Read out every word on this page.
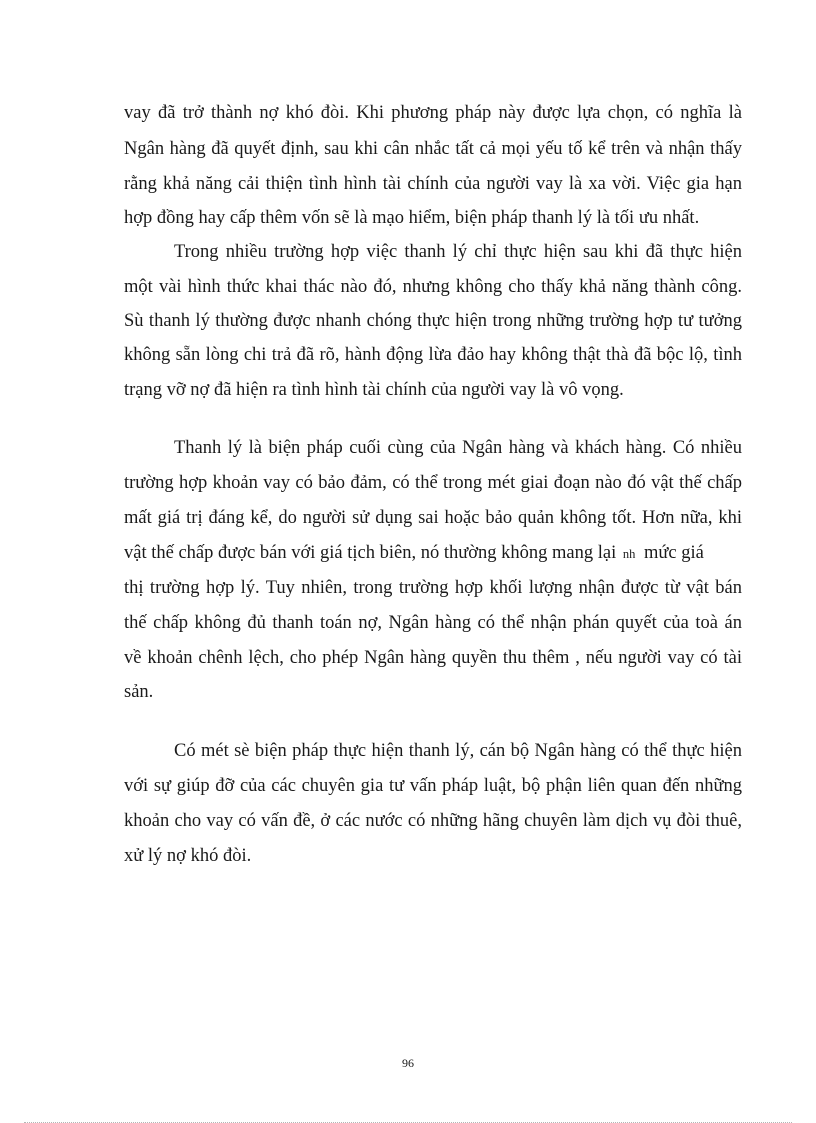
vay đã trở thành nợ khó đòi. Khi phương pháp này được lựa chọn, có nghĩa là
Ngân hàng đã quyết định, sau khi cân nhắc tất cả mọi yếu tố kể trên và nhận thấy
rằng khả năng cải thiện tình hình tài chính của người vay là xa vời. Việc gia hạn
hợp đồng hay cấp thêm vốn sẽ là mạo hiểm, biện pháp thanh lý là tối ưu nhất.
Trong nhiều trường hợp việc thanh lý chỉ thực hiện sau khi đã thực hiện
một vài hình thức khai thác nào đó, nhưng không cho thấy khả năng thành công.
Sù thanh lý thường được nhanh chóng thực hiện trong những trường hợp tư tưởng
không sẵn lòng chi trả đã rõ, hành động lừa đảo hay không thật thà đã bộc lộ, tình
trạng vỡ nợ đã hiện ra tình hình tài chính của người vay là vô vọng.
Thanh lý là biện pháp cuối cùng của Ngân hàng và khách hàng. Có nhiều
trường hợp khoản vay có bảo đảm, có thể trong mét giai đoạn nào đó vật thế chấp
mất giá trị đáng kể, do người sử dụng sai hoặc bảo quản không tốt. Hơn nữa, khi
vật thế chấp được bán với giá tịch biên, nó thường không mang lại nh mức giá
thị trường hợp lý. Tuy nhiên, trong trường hợp khối lượng nhận được từ vật bán
thế chấp không đủ thanh toán nợ, Ngân hàng có thể nhận phán quyết của toà án
về khoản chênh lệch, cho phép Ngân hàng quyền thu thêm , nếu người vay có tài
sản.
Có mét sè biện pháp thực hiện thanh lý, cán bộ Ngân hàng có thể thực hiện
với sự giúp đỡ của các chuyên gia tư vấn pháp luật, bộ phận liên quan đến những
khoản cho vay có vấn đề, ở các nước có những hãng chuyên làm dịch vụ đòi thuê,
xử lý nợ khó đòi.
96
